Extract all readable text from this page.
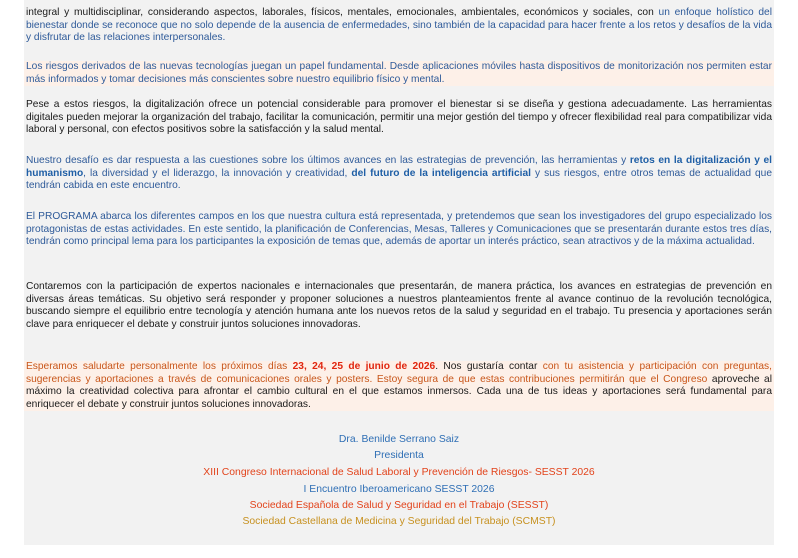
integral y multidisciplinar, considerando aspectos, laborales, físicos, mentales, emocionales, ambientales, económicos y sociales, con un enfoque holístico del bienestar donde se reconoce que no solo depende de la ausencia de enfermedades, sino también de la capacidad para hacer frente a los retos y desafíos de la vida y disfrutar de las relaciones interpersonales.
Los riesgos derivados de las nuevas tecnologías juegan un papel fundamental. Desde aplicaciones móviles hasta dispositivos de monitorización nos permiten estar más informados y tomar decisiones más conscientes sobre nuestro equilibrio físico y mental.
Pese a estos riesgos, la digitalización ofrece un potencial considerable para promover el bienestar si se diseña y gestiona adecuadamente. Las herramientas digitales pueden mejorar la organización del trabajo, facilitar la comunicación, permitir una mejor gestión del tiempo y ofrecer flexibilidad real para compatibilizar vida laboral y personal, con efectos positivos sobre la satisfacción y la salud mental.
Nuestro desafío es dar respuesta a las cuestiones sobre los últimos avances en las estrategias de prevención, las herramientas y retos en la digitalización y el humanismo, la diversidad y el liderazgo, la innovación y creatividad, del futuro de la inteligencia artificial y sus riesgos, entre otros temas de actualidad que tendrán cabida en este encuentro.
El PROGRAMA abarca los diferentes campos en los que nuestra cultura está representada, y pretendemos que sean los investigadores del grupo especializado los protagonistas de estas actividades. En este sentido, la planificación de Conferencias, Mesas, Talleres y Comunicaciones que se presentarán durante estos tres días, tendrán como principal lema para los participantes la exposición de temas que, además de aportar un interés práctico, sean atractivos y de la máxima actualidad.
Contaremos con la participación de expertos nacionales e internacionales que presentarán, de manera práctica, los avances en estrategias de prevención en diversas áreas temáticas. Su objetivo será responder y proponer soluciones a nuestros planteamientos frente al avance continuo de la revolución tecnológica, buscando siempre el equilibrio entre tecnología y atención humana ante los nuevos retos de la salud y seguridad en el trabajo. Tu presencia y aportaciones serán clave para enriquecer el debate y construir juntos soluciones innovadoras.
Esperamos saludarte personalmente los próximos días 23, 24, 25 de junio de 2026. Nos gustaría contar con tu asistencia y participación con preguntas, sugerencias y aportaciones a través de comunicaciones orales y posters. Estoy segura de que estas contribuciones permitirán que el Congreso aproveche al máximo la creatividad colectiva para afrontar el cambio cultural en el que estamos inmersos. Cada una de tus ideas y aportaciones será fundamental para enriquecer el debate y construir juntos soluciones innovadoras.
Dra. Benilde Serrano Saiz
Presidenta
XIII Congreso Internacional de Salud Laboral y Prevención de Riesgos- SESST 2026
I Encuentro Iberoamericano SESST 2026
Sociedad Española de Salud y Seguridad en el Trabajo (SESST)
Sociedad Castellana de Medicina y Seguridad del Trabajo (SCMST)
